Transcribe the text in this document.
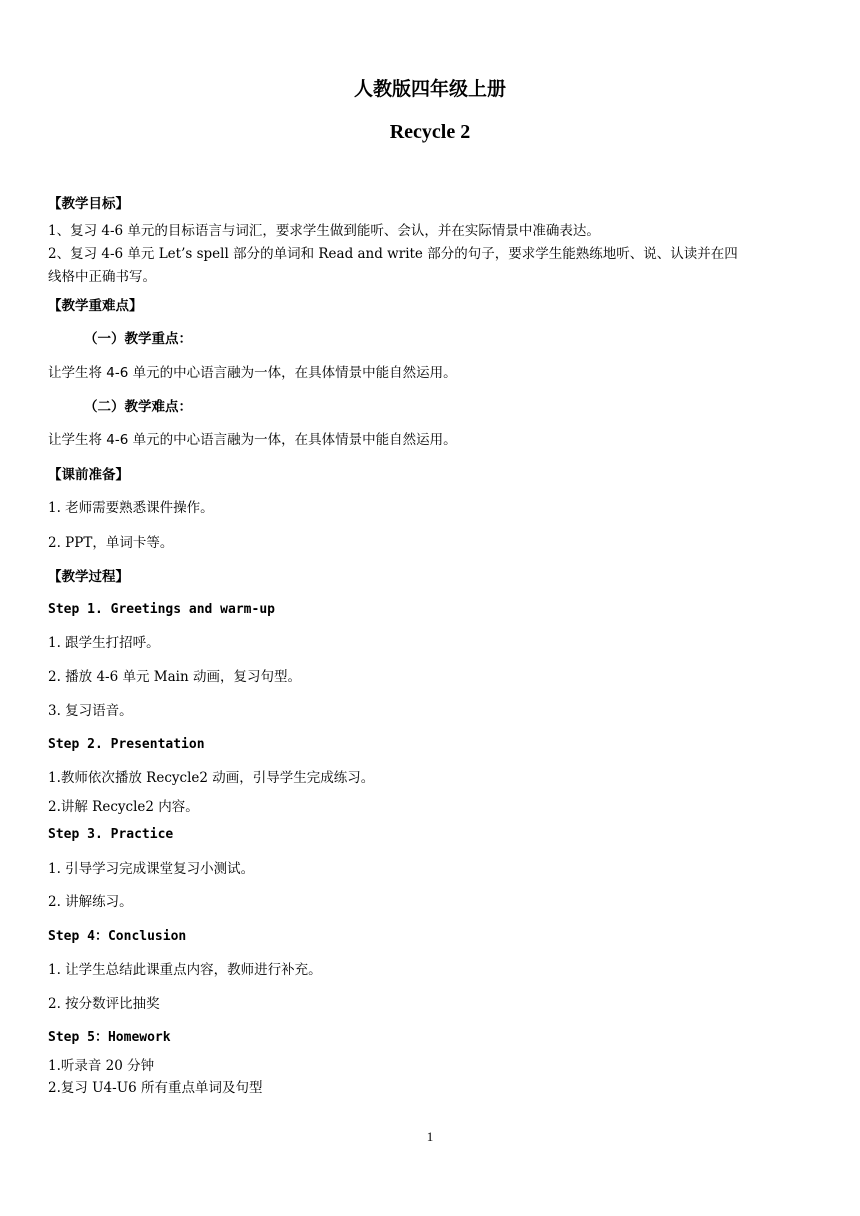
人教版四年级上册
Recycle 2
【教学目标】
1、复习 4-6 单元的目标语言与词汇，要求学生做到能听、会认，并在实际情景中准确表达。
2、复习 4-6 单元 Let’s spell 部分的单词和 Read and write 部分的句子，要求学生能熟练地听、说、认读并在四
线格中正确书写。
【教学重难点】
（一）教学重点：
让学生将 4-6 单元的中心语言融为一体，在具体情景中能自然运用。
（二）教学难点：
让学生将 4-6 单元的中心语言融为一体，在具体情景中能自然运用。
【课前准备】
1. 老师需要熟悉课件操作。
2. PPT，单词卡等。
【教学过程】
Step 1. Greetings and warm-up
1. 跟学生打招呼。
2. 播放 4-6 单元 Main 动画，复习句型。
3. 复习语音。
Step 2. Presentation
1.教师依次播放 Recycle2 动画，引导学生完成练习。
2.讲解 Recycle2 内容。
Step 3. Practice
1. 引导学习完成课堂复习小测试。
2. 讲解练习。
Step 4：Conclusion
1. 让学生总结此课重点内容，教师进行补充。
2. 按分数评比抽奖
Step 5：Homework
1.听录音 20 分钟
2.复习 U4-U6 所有重点单词及句型
1
